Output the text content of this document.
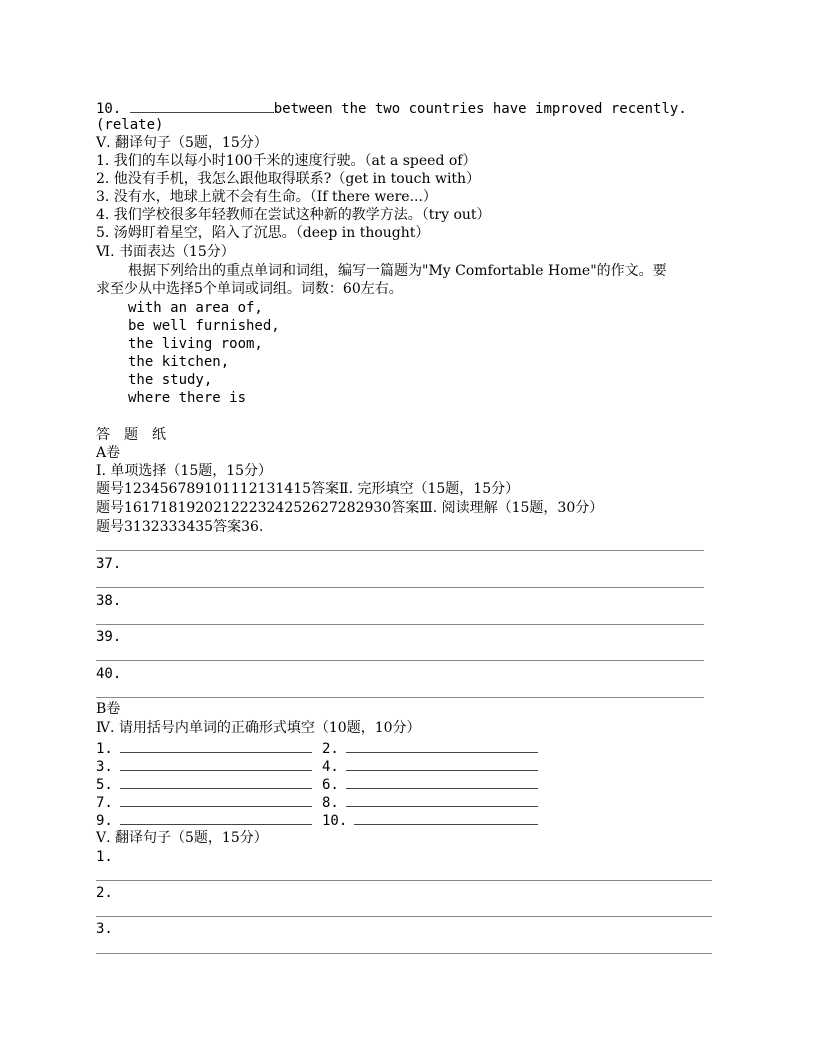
10.	between the two countries have improved recently.
(relate)
Ⅴ. 翻译句子（5题，15分）
1. 我们的车以每小时100千米的速度行驶。（at a speed of）
2. 他没有手机，我怎么跟他取得联系?（get in touch with）
3. 没有水，地球上就不会有生命。（If there were...）
4. 我们学校很多年轻教师在尝试这种新的教学方法。（try out）
5. 汤姆盯着星空，陷入了沉思。（deep in thought）
Ⅵ. 书面表达（15分）
根据下列给出的重点单词和词组，编写一篇题为"My Comfortable Home"的作文。要
求至少从中选择5个单词或词组。词数：60左右。
with an area of,
be well furnished,
the living room,
the kitchen,
the study,
where there is
答　题　纸
A卷
Ⅰ. 单项选择（15题，15分）
题号123456789101112131415答案Ⅱ. 完形填空（15题，15分）
题号161718192021222324252627282930答案Ⅲ. 阅读理解（15题，30分）
题号3132333435答案36.
37.
38.
39.
40.
B卷
Ⅳ. 请用括号内单词的正确形式填空（10题，10分）
1.	2.
3.	4.
5.	6.
7.	8.
9.	10.
Ⅴ. 翻译句子（5题，15分）
1.
2.
3.
